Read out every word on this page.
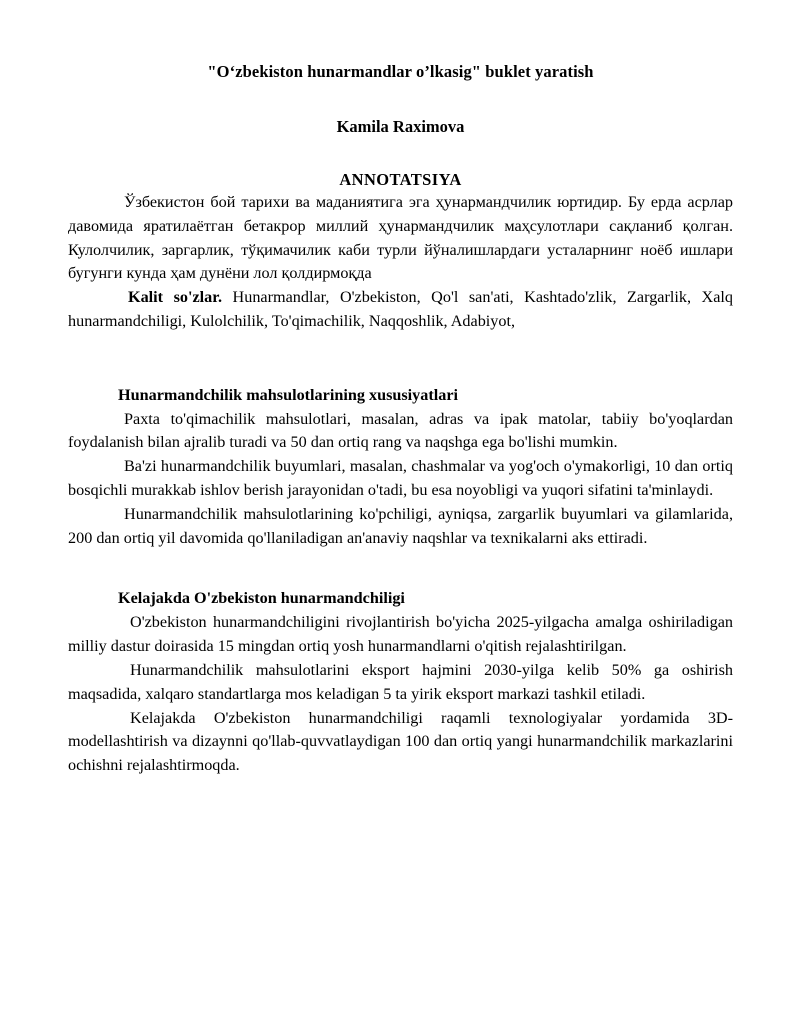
"Oʻzbekiston hunarmandlar o’lkasig" buklet yaratish
Kamila Raximova
ANNOTATSIYA

Ўзбекистон бой тарихи ва маданиятига эга ҳунармандчилик юртидир. Бу ерда асрлар давомида яратилаётган бетакрор миллий ҳунармандчилик маҳсулотлари сақланиб қолган. Кулолчилик, заргарлик, тўқимачилик каби турли йўналишлардаги усталарнинг ноёб ишлари бугунги кунда ҳам дунёни лол қолдирмоқда

Kalit so'zlar. Hunarmandlar, O'zbekiston, Qo'l san'ati, Kashtado'zlik, Zargarlik, Xalq hunarmandchiligi, Kulolchilik, To'qimachilik, Naqqoshlik, Adabiyot,

Hunarmandchilik mahsulotlarining xususiyatlari

Paxta to'qimachilik mahsulotlari, masalan, adras va ipak matolar, tabiiy bo'yoqlardan foydalanish bilan ajralib turadi va 50 dan ortiq rang va naqshga ega bo'lishi mumkin.

Ba'zi hunarmandchilik buyumlari, masalan, chashmalar va yog'och o'ymakorligi, 10 dan ortiq bosqichli murakkab ishlov berish jarayonidan o'tadi, bu esa noyobligi va yuqori sifatini ta'minlaydi.

Hunarmandchilik mahsulotlarining ko'pchiligi, ayniqsa, zargarlik buyumlari va gilamlarida, 200 dan ortiq yil davomida qo'llaniladigan an'anaviy naqshlar va texnikalarni aks ettiradi.

Kelajakda O'zbekiston hunarmandchiligi

O'zbekiston hunarmandchiligini rivojlantirish bo'yicha 2025-yilgacha amalga oshiriladigan milliy dastur doirasida 15 mingdan ortiq yosh hunarmandlarni o'qitish rejalashtirilgan.

Hunarmandchilik mahsulotlarini eksport hajmini 2030-yilga kelib 50% ga oshirish maqsadida, xalqaro standartlarga mos keladigan 5 ta yirik eksport markazi tashkil etiladi.

Kelajakda O'zbekiston hunarmandchiligi raqamli texnologiyalar yordamida 3D-modellashtirish va dizaynni qo'llab-quvvatlaydigan 100 dan ortiq yangi hunarmandchilik markazlarini ochishni rejalashtirmoqda.
